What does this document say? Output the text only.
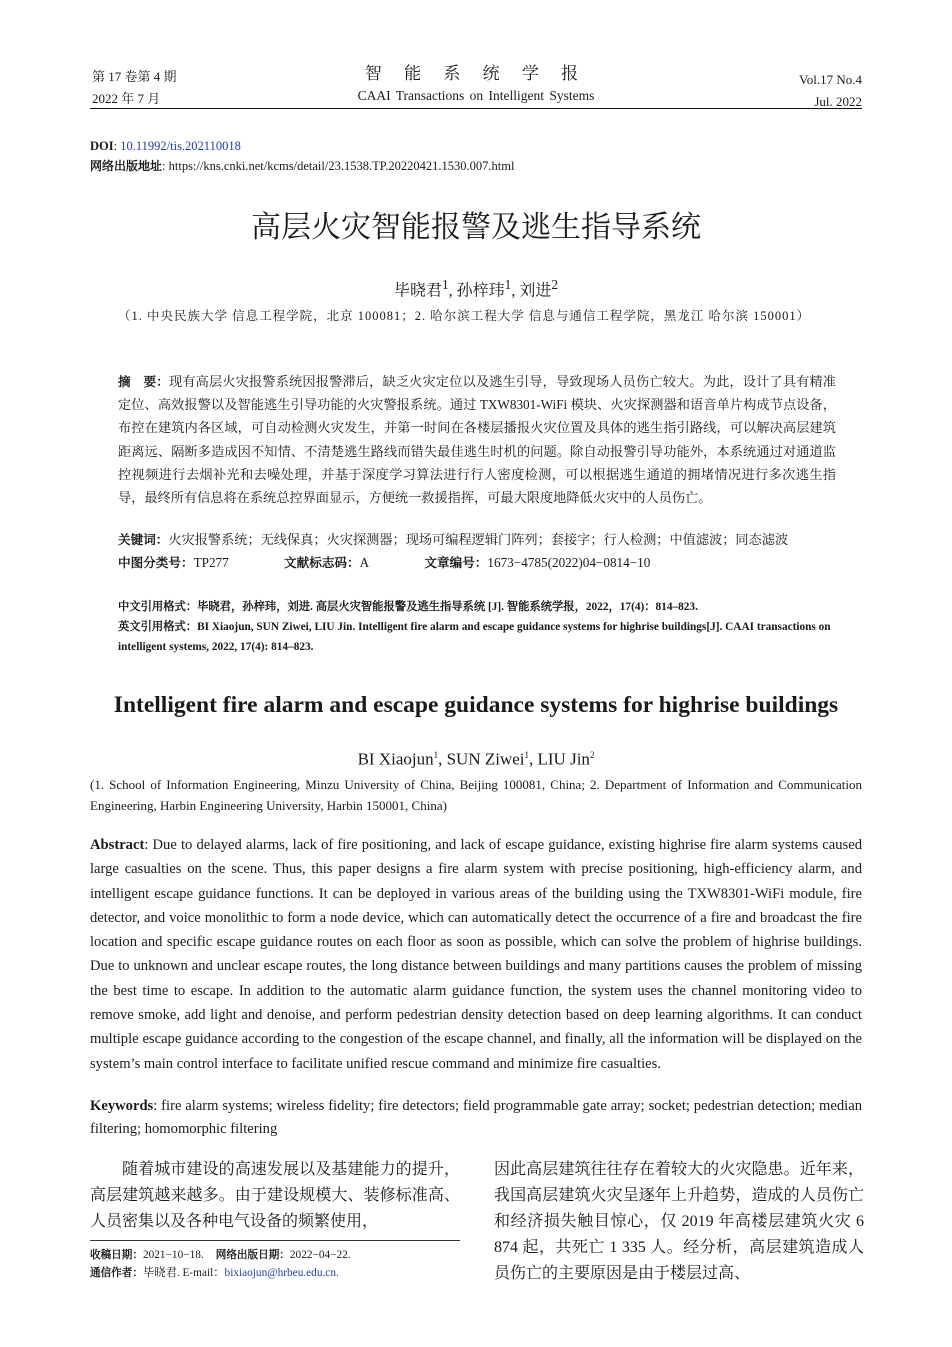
第 17 卷第 4 期
2022 年 7 月
智 能 系 统 学 报
CAAI Transactions on Intelligent Systems
Vol.17 No.4
Jul. 2022
DOI: 10.11992/tis.202110018
网络出版地址: https://kns.cnki.net/kcms/detail/23.1538.TP.20220421.1530.007.html
高层火灾智能报警及逃生指导系统
毕晓君$^1$, 孙梓玮$^1$, 刘进$^2$
（1. 中央民族大学 信息工程学院，北京 100081；2. 哈尔滨工程大学 信息与通信工程学院，黑龙江 哈尔滨 150001）
摘　要：现有高层火灾报警系统因报警滞后，缺乏火灾定位以及逃生引导，导致现场人员伤亡较大。为此，设计了具有精准定位、高效报警以及智能逃生引导功能的火灾警报系统。通过 TXW8301-WiFi 模块、火灾探测器和语音单片构成节点设备，布控在建筑内各区域，可自动检测火灾发生，并第一时间在各楼层播报火灾位置及具体的逃生指引路线，可以解决高层建筑距离远、隔断多造成因不知情、不清楚逃生路线而错失最佳逃生时机的问题。除自动报警引导功能外，本系统通过对通道监控视频进行去烟补光和去噪处理，并基于深度学习算法进行行人密度检测，可以根据逃生通道的拥堵情况进行多次逃生指导，最终所有信息将在系统总控界面显示，方便统一救援指挥，可最大限度地降低火灾中的人员伤亡。
关键词：火灾报警系统；无线保真；火灾探测器；现场可编程逻辑门阵列；套接字；行人检测；中值滤波；同态滤波
中图分类号：TP277	文献标志码：A	文章编号：1673−4785(2022)04−0814−10
中文引用格式：毕晓君，孙梓玮，刘进. 高层火灾智能报警及逃生指导系统 [J]. 智能系统学报，2022，17(4)：814–823.
英文引用格式：BI Xiaojun, SUN Ziwei, LIU Jin. Intelligent fire alarm and escape guidance systems for highrise buildings[J]. CAAI transactions on intelligent systems, 2022, 17(4): 814–823.
Intelligent fire alarm and escape guidance systems for highrise buildings
BI Xiaojun$^1$, SUN Ziwei$^1$, LIU Jin$^2$
(1. School of Information Engineering, Minzu University of China, Beijing 100081, China; 2. Department of Information and Communication Engineering, Harbin Engineering University, Harbin 150001, China)
Abstract: Due to delayed alarms, lack of fire positioning, and lack of escape guidance, existing highrise fire alarm systems caused large casualties on the scene. Thus, this paper designs a fire alarm system with precise positioning, high-efficiency alarm, and intelligent escape guidance functions. It can be deployed in various areas of the building using the TXW8301-WiFi module, fire detector, and voice monolithic to form a node device, which can automatically detect the occurrence of a fire and broadcast the fire location and specific escape guidance routes on each floor as soon as possible, which can solve the problem of highrise buildings. Due to unknown and unclear escape routes, the long distance between buildings and many partitions causes the problem of missing the best time to escape. In addition to the automatic alarm guidance function, the system uses the channel monitoring video to remove smoke, add light and denoise, and perform pedestrian density detection based on deep learning algorithms. It can conduct multiple escape guidance according to the congestion of the escape channel, and finally, all the information will be displayed on the system’s main control interface to facilitate unified rescue command and minimize fire casualties.
Keywords: fire alarm systems; wireless fidelity; fire detectors; field programmable gate array; socket; pedestrian detection; median filtering; homomorphic filtering
随着城市建设的高速发展以及基建能力的提升，高层建筑越来越多。由于建设规模大、装修标准高、人员密集以及各种电气设备的频繁使用，
因此高层建筑往往存在着较大的火灾隐患。近年来，我国高层建筑火灾呈逐年上升趋势，造成的人员伤亡和经济损失触目惊心，仅 2019 年高楼层建筑火灾 6 874 起，共死亡 1 335 人。经分析，高层建筑造成人员伤亡的主要原因是由于楼层过高、
收稿日期：2021−10−18. 网络出版日期：2022−04−22.
通信作者：毕晓君. E-mail：bixiaojun@hrbeu.edu.cn.
